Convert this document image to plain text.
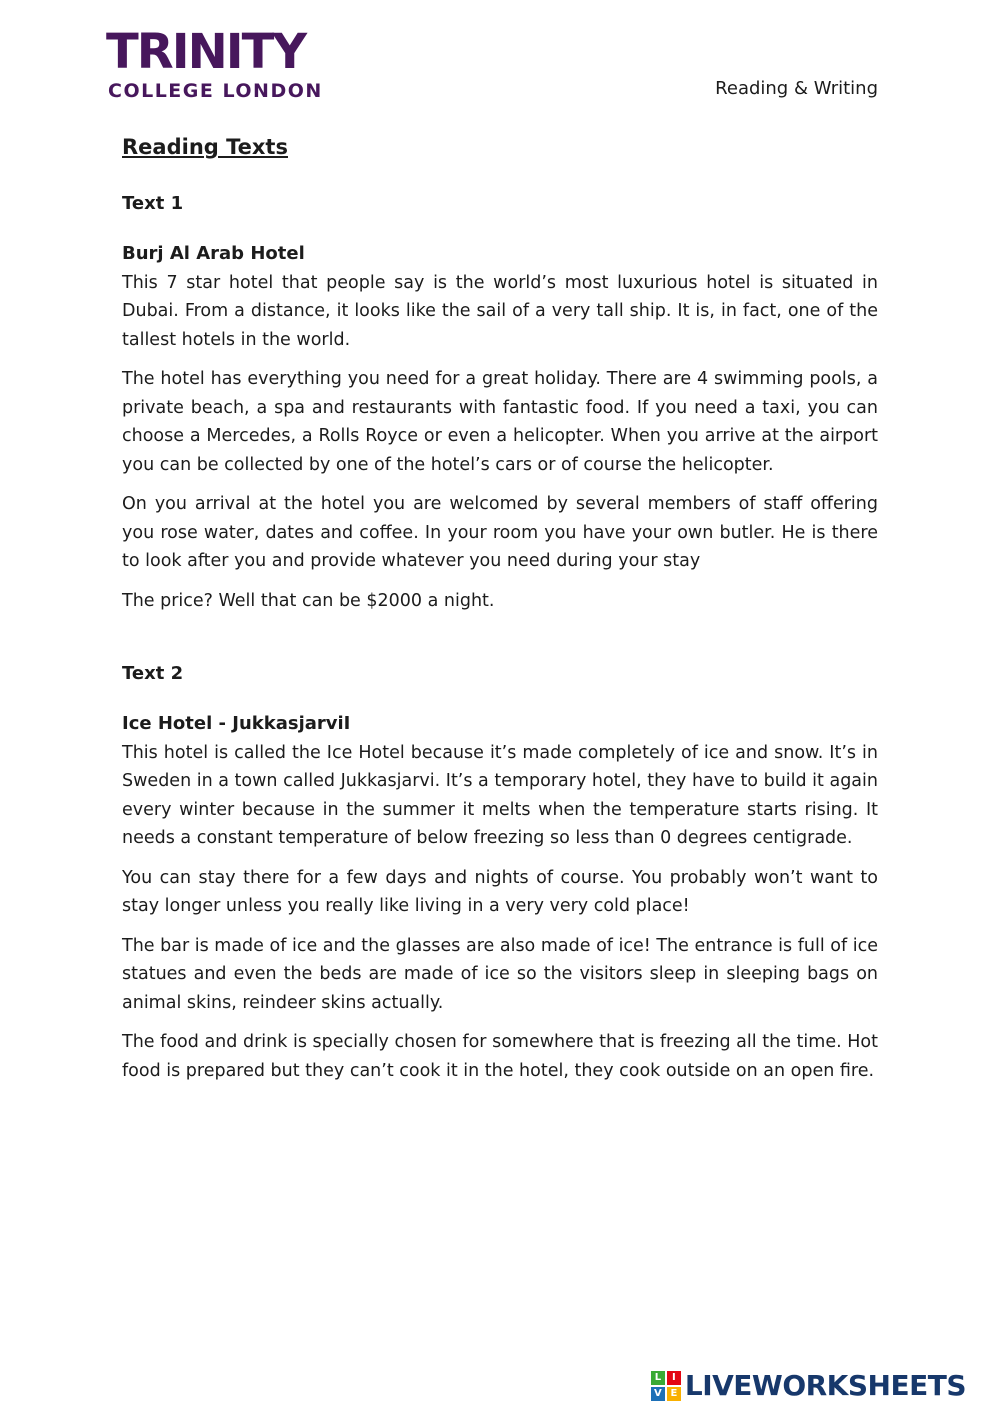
TRINITY
COLLEGE LONDON	Reading & Writing
Reading Texts
Text 1
Burj Al Arab Hotel

This 7 star hotel that people say is the world’s most luxurious hotel is situated in Dubai. From a distance, it looks like the sail of a very tall ship. It is, in fact, one of the tallest hotels in the world.

The hotel has everything you need for a great holiday. There are 4 swimming pools, a private beach, a spa and restaurants with fantastic food. If you need a taxi, you can choose a Mercedes, a Rolls Royce or even a helicopter. When you arrive at the airport you can be collected by one of the hotel’s cars or of course the helicopter.

On you arrival at the hotel you are welcomed by several members of staff offering you rose water, dates and coffee. In your room you have your own butler. He is there to look after you and provide whatever you need during your stay

The price? Well that can be $2000 a night.

Text 2
Ice Hotel - JukkasjarviI

This hotel is called the Ice Hotel because it’s made completely of ice and snow. It’s in Sweden in a town called Jukkasjarvi. It’s a temporary hotel, they have to build it again every winter because in the summer it melts when the temperature starts rising. It needs a constant temperature of below freezing so less than 0 degrees centigrade.

You can stay there for a few days and nights of course. You probably won’t want to stay longer unless you really like living in a very very cold place!

The bar is made of ice and the glasses are also made of ice! The entrance is full of ice statues and even the beds are made of ice so the visitors sleep in sleeping bags on animal skins, reindeer skins actually.

The food and drink is specially chosen for somewhere that is freezing all the time. Hot food is prepared but they can’t cook it in the hotel, they cook outside on an open fire.

L	I
V E LIVEWORKSHEETS
